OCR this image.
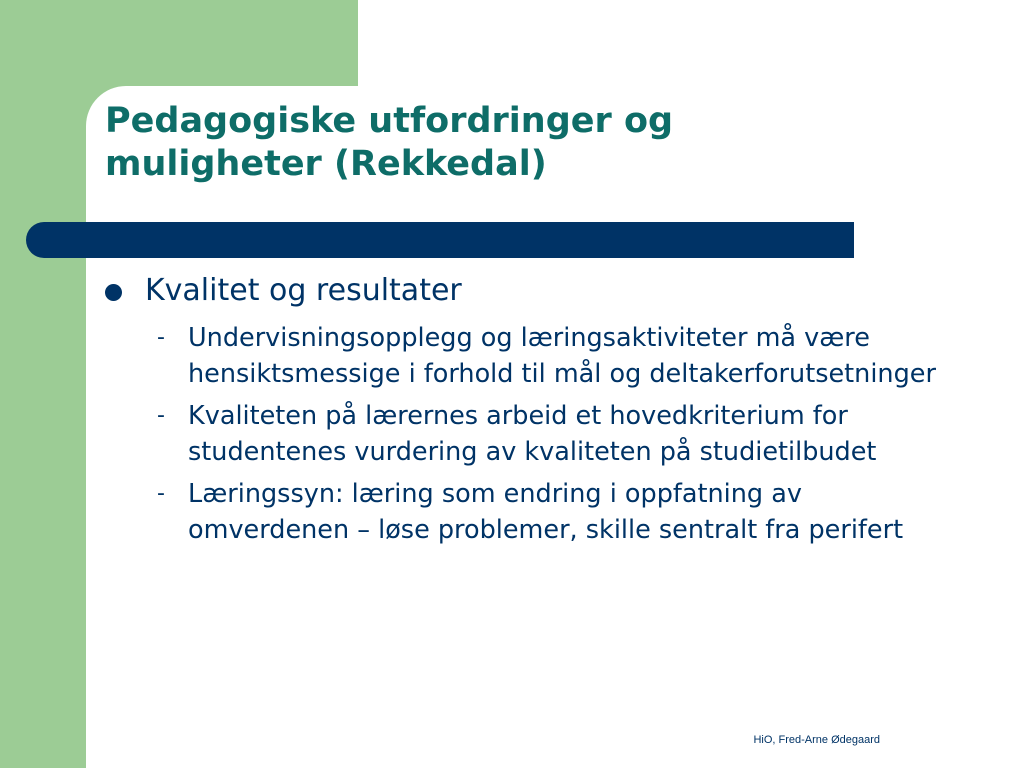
Pedagogiske utfordringer og muligheter (Rekkedal)
Kvalitet og resultater
- Undervisningsopplegg og læringsaktiviteter må være hensiktsmessige i forhold til mål og deltakerforutsetninger
- Kvaliteten på lærernes arbeid et hovedkriterium for studentenes vurdering av kvaliteten på studietilbudet
- Læringssyn: læring som endring i oppfatning av omverdenen – løse problemer, skille sentralt fra perifert
HiO, Fred-Arne Ødegaard
